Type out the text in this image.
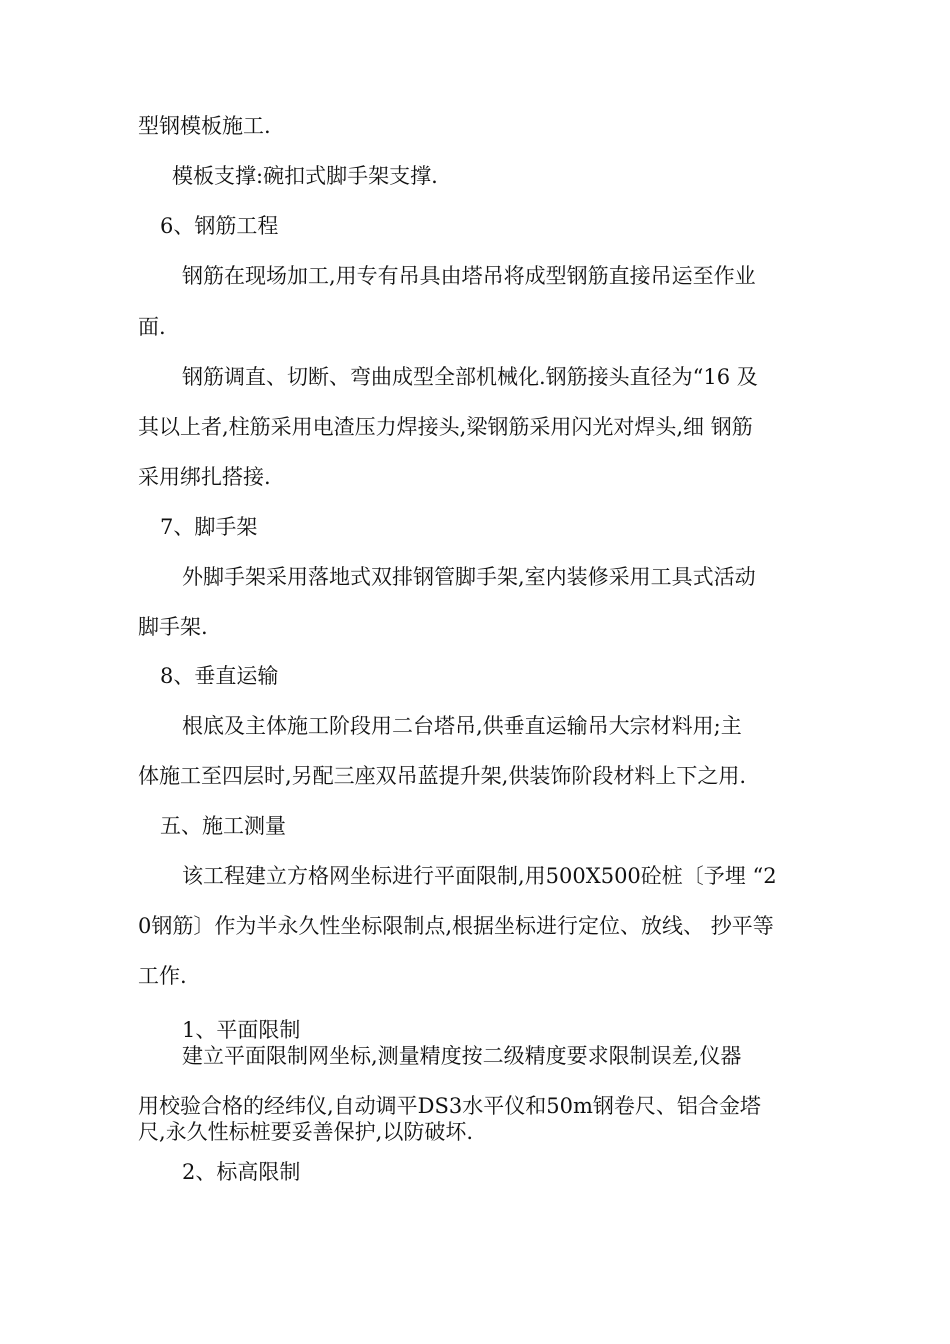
型钢模板施工.

模板支撑:碗扣式脚手架支撑.

6、钢筋工程

钢筋在现场加工,用专有吊具由塔吊将成型钢筋直接吊运至作业

面.

钢筋调直、切断、弯曲成型全部机械化.钢筋接头直径为“16 及

其以上者,柱筋采用电渣压力焊接头,梁钢筋采用闪光对焊头,细 钢筋

采用绑扎搭接.

7、脚手架

外脚手架采用落地式双排钢管脚手架,室内装修采用工具式活动

脚手架.

8、垂直运输

根底及主体施工阶段用二台塔吊,供垂直运输吊大宗材料用;主

体施工至四层时,另配三座双吊蓝提升架,供装饰阶段材料上下之用.

五、施工测量

该工程建立方格网坐标进行平面限制,用500X500砼桩〔予埋 “2

0钢筋〕作为半永久性坐标限制点,根据坐标进行定位、放线、 抄平等

工作.

1、平面限制

建立平面限制网坐标,测量精度按二级精度要求限制误差,仪器

用校验合格的经纬仪,自动调平DS3水平仪和50m钢卷尺、铝合金塔

尺,永久性标桩要妥善保护,以防破坏.

2、标高限制
